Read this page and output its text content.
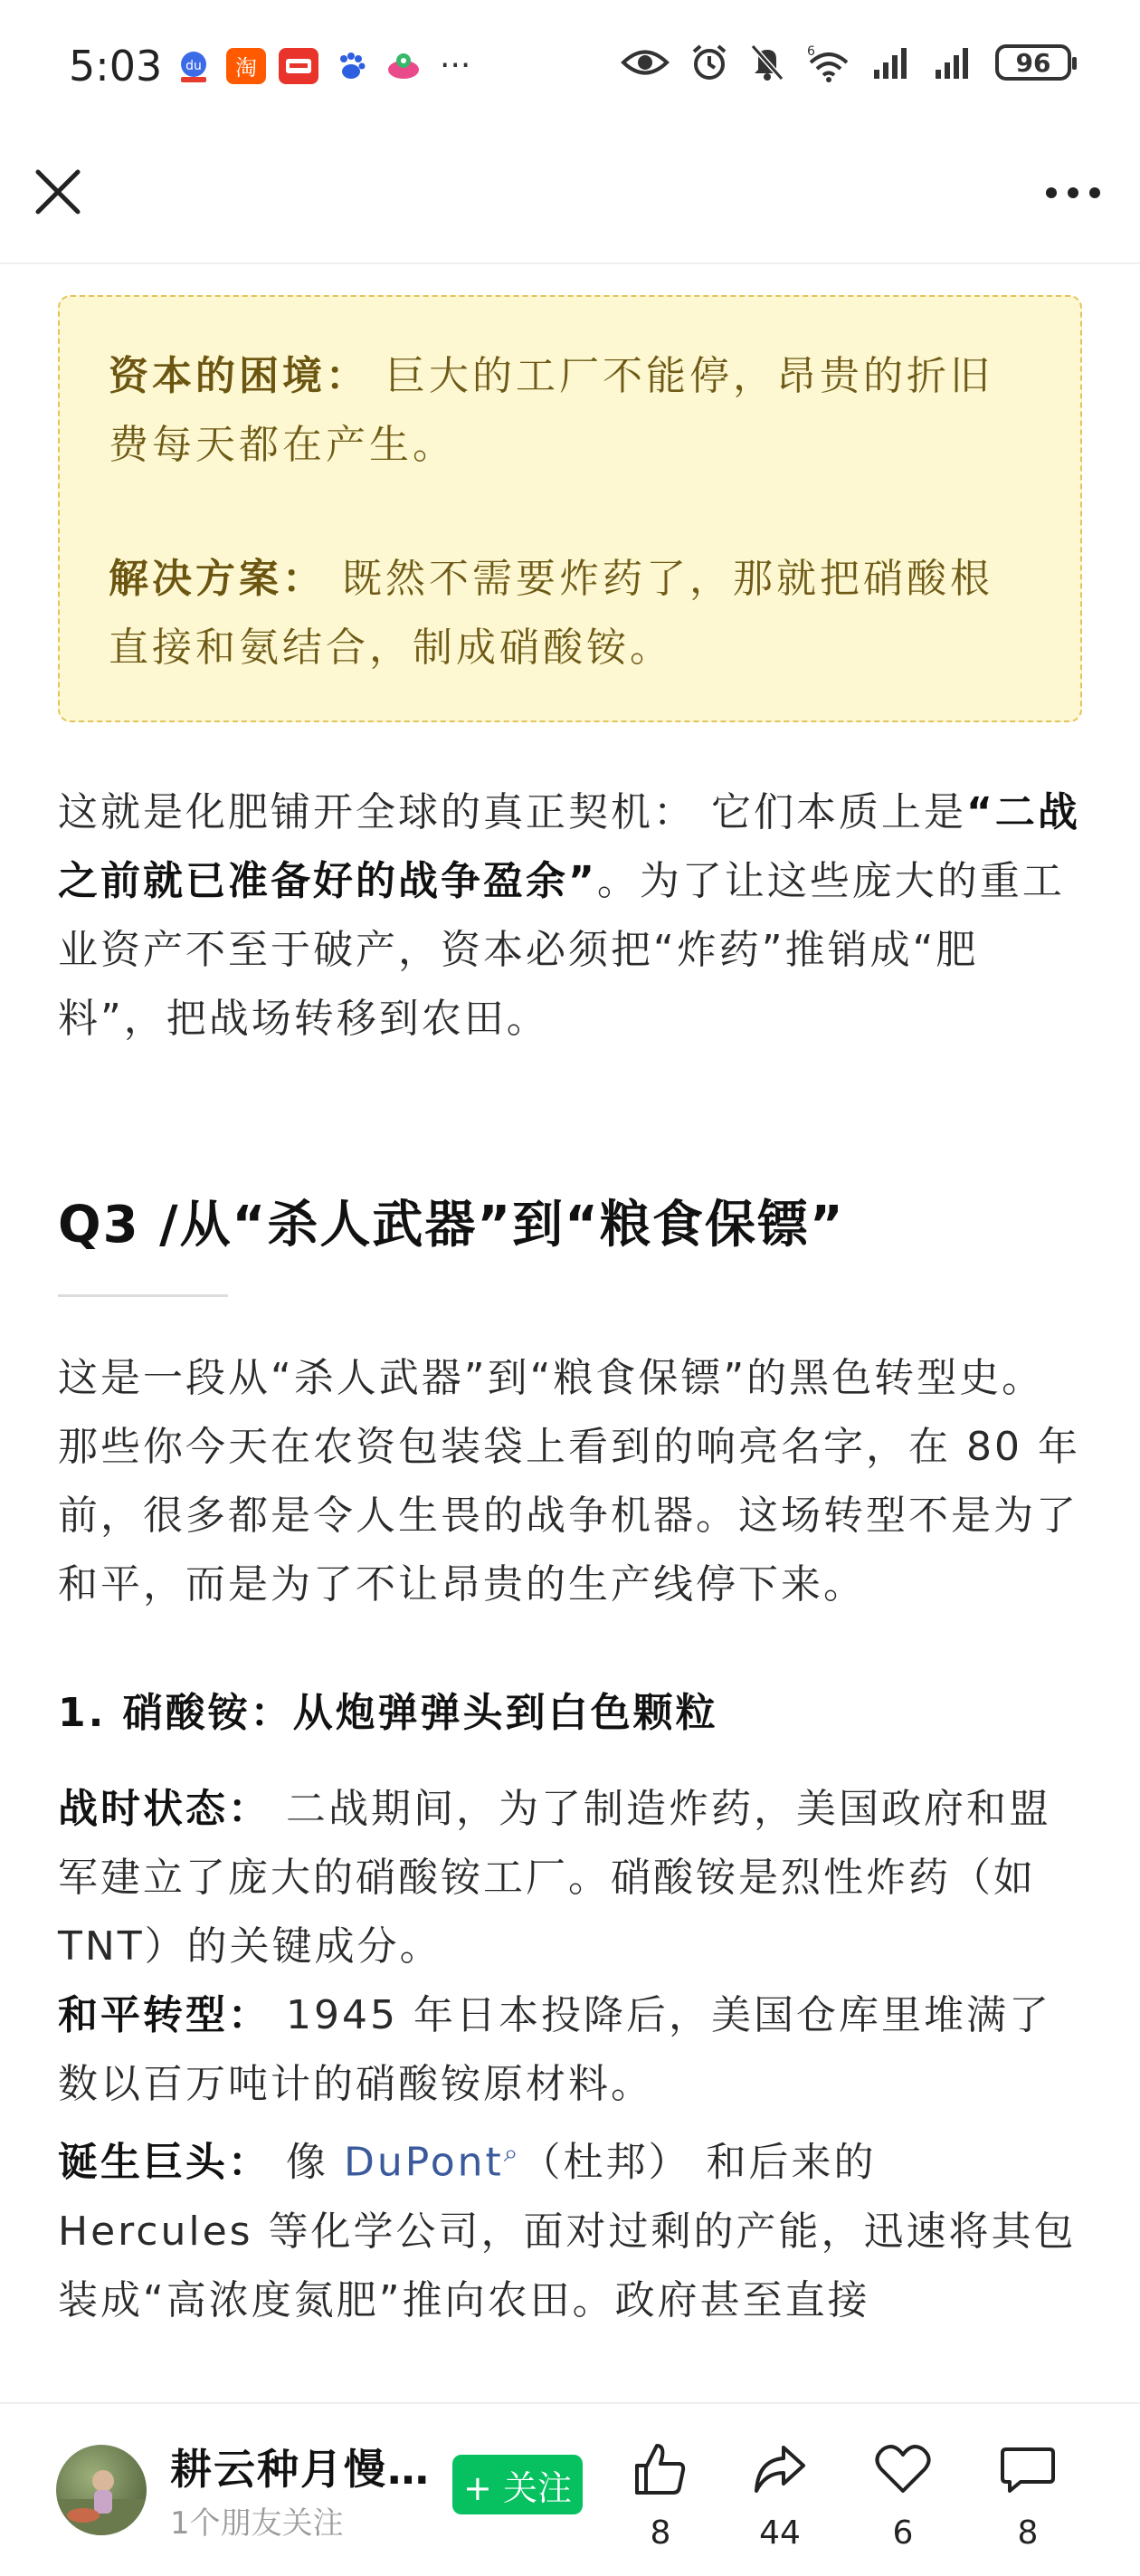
5:03 du 淘	···	6	96

资本的困境： 巨大的工厂不能停，昂贵的折旧费每天都在产生。

解决方案： 既然不需要炸药了，那就把硝酸根直接和氨结合，制成硝酸铵。

这就是化肥铺开全球的真正契机： 它们本质上是“二战之前就已准备好的战争盈余”。为了让这些庞大的重工业资产不至于破产，资本必须把“炸药”推销成“肥料”，把战场转移到农田。

Q3 /从“杀人武器”到“粮食保镖”

这是一段从“杀人武器”到“粮食保镖”的黑色转型史。那些你今天在农资包装袋上看到的响亮名字，在 80 年前，很多都是令人生畏的战争机器。这场转型不是为了和平，而是为了不让昂贵的生产线停下来。

1. 硝酸铵：从炮弹弹头到白色颗粒

战时状态： 二战期间，为了制造炸药，美国政府和盟军建立了庞大的硝酸铵工厂。硝酸铵是烈性炸药（如 TNT）的关键成分。

和平转型： 1945 年日本投降后，美国仓库里堆满了数以百万吨计的硝酸铵原材料。

诞生巨头： 像 DuPont⌕（杜邦） 和后来的 Hercules 等化学公司，面对过剩的产能，迅速将其包装成“高浓度氮肥”推向农田。政府甚至直接

耕云种月慢…
1个朋友关注
+ 关注
8	44	6	8
